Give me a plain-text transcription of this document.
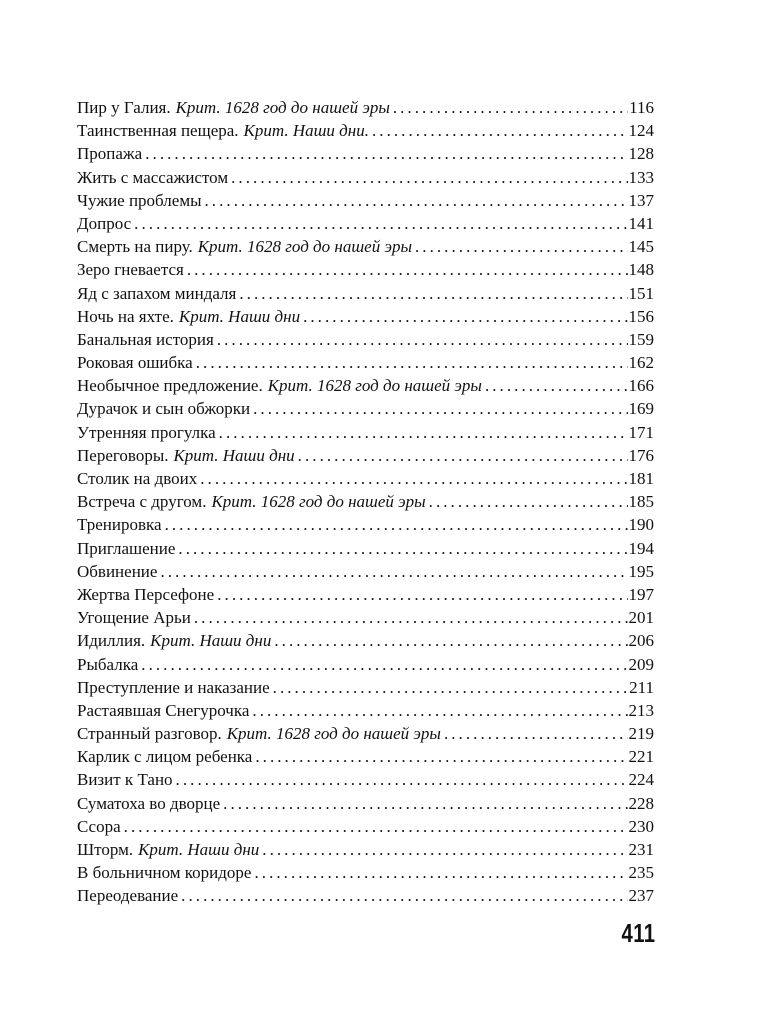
Пир у Галия. Крит. 1628 год до нашей эры . . .	116
Таинственная пещера. Крит. Наши дни. . . .	124
Пропажа . . .	128
Жить с массажистом . . .	133
Чужие проблемы . . .	137
Допрос . . .	141
Смерть на пиру. Крит. 1628 год до нашей эры . . .	145
Зеро гневается . . .	148
Яд с запахом миндаля . . .	151
Ночь на яхте. Крит. Наши дни . . .	156
Банальная история . . .	159
Роковая ошибка . . .	162
Необычное предложение. Крит. 1628 год до нашей эры . . .	166
Дурачок и сын обжорки . . .	169
Утренняя прогулка . . .	171
Переговоры. Крит. Наши дни . . .	176
Столик на двоих . . .	181
Встреча с другом. Крит. 1628 год до нашей эры . . .	185
Тренировка . . .	190
Приглашение . . .	194
Обвинение . . .	195
Жертва Персефоне . . .	197
Угощение Арьи . . .	201
Идиллия. Крит. Наши дни . . .	206
Рыбалка . . .	209
Преступление и наказание . . .	211
Растаявшая Снегурочка . . .	213
Странный разговор. Крит. 1628 год до нашей эры . . .	219
Карлик с лицом ребенка . . .	221
Визит к Тано . . .	224
Суматоха во дворце . . .	228
Ссора . . .	230
Шторм. Крит. Наши дни . . .	231
В больничном коридоре . . .	235
Переодевание . . .	237
411
